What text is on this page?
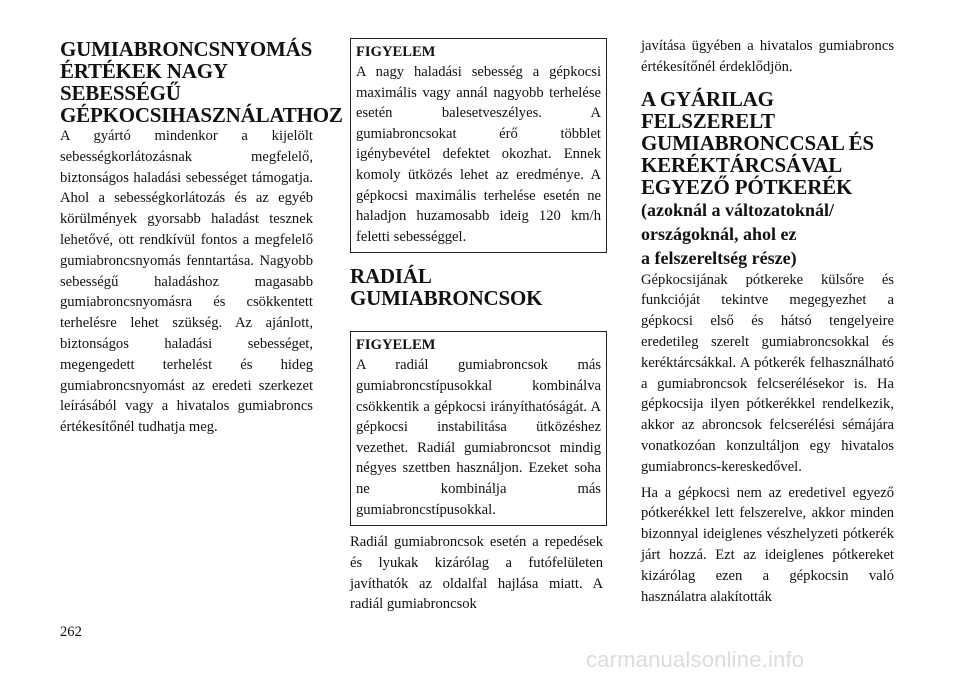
GUMIABRONCSNYOMÁS
ÉRTÉKEK NAGY
SEBESSÉGŰ
GÉPKOCSIHASZNÁLATHOZ

A gyártó mindenkor a kijelölt sebességkorlátozásnak megfelelő, biztonságos haladási sebességet támogatja. Ahol a sebességkorlátozás és az egyéb körülmények gyorsabb haladást tesznek lehetővé, ott rendkívül fontos a megfelelő gumiabroncsnyomás fenntartása. Nagyobb sebességű haladáshoz magasabb gumiabroncsnyomásra és csökkentett terhelésre lehet szükség. Az ajánlott, biztonságos haladási sebességet, megengedett terhelést és hideg gumiabroncsnyomást az eredeti szerkezet leírásából vagy a hivatalos gumiabroncs értékesítőnél tudhatja meg.

FIGYELEM

A nagy haladási sebesség a gépkocsi maximális vagy annál nagyobb terhelése esetén balesetveszélyes. A gumiabroncsokat érő többlet igénybevétel defektet okozhat. Ennek komoly ütközés lehet az eredménye. A gépkocsi maximális terhelése esetén ne haladjon huzamosabb ideig 120 km/h feletti sebességgel.

RADIÁL
GUMIABRONCSOK
FIGYELEM

A radiál gumiabroncsok más gumiabroncstípusokkal kombinálva csökkentik a gépkocsi irányíthatóságát. A gépkocsi instabilitása ütközéshez vezethet. Radiál gumiabroncsot mindig négyes szettben használjon. Ezeket soha ne kombinálja más gumiabroncstípusokkal.

Radiál gumiabroncsok esetén a repedések és lyukak kizárólag a futófelületen javíthatók az oldalfal hajlása miatt. A radiál gumiabroncsok

javítása ügyében a hivatalos gumiabroncs értékesítőnél érdeklődjön.

A GYÁRILAG
FELSZERELT
GUMIABRONCCSAL ÉS
KERÉKTÁRCSÁVAL
EGYEZŐ PÓTKERÉK
(azoknál a változatoknál/
országoknál, ahol ez
a felszereltség része)

Gépkocsijának pótkereke külsőre és funkcióját tekintve megegyezhet a gépkocsi első és hátsó tengelyeire eredetileg szerelt gumiabroncsokkal és keréktárcsákkal. A pótkerék felhasználható a gumiabroncsok felcserélésekor is. Ha gépkocsija ilyen pótkerékkel rendelkezik, akkor az abroncsok felcserélési sémájára vonatkozóan konzultáljon egy hivatalos gumiabroncs-kereskedővel.

Ha a gépkocsi nem az eredetivel egyező pótkerékkel lett felszerelve, akkor minden bizonnyal ideiglenes vészhelyzeti pótkerék járt hozzá. Ezt az ideiglenes pótkereket kizárólag ezen a gépkocsin való használatra alakították

262
carmanualsonline.info
